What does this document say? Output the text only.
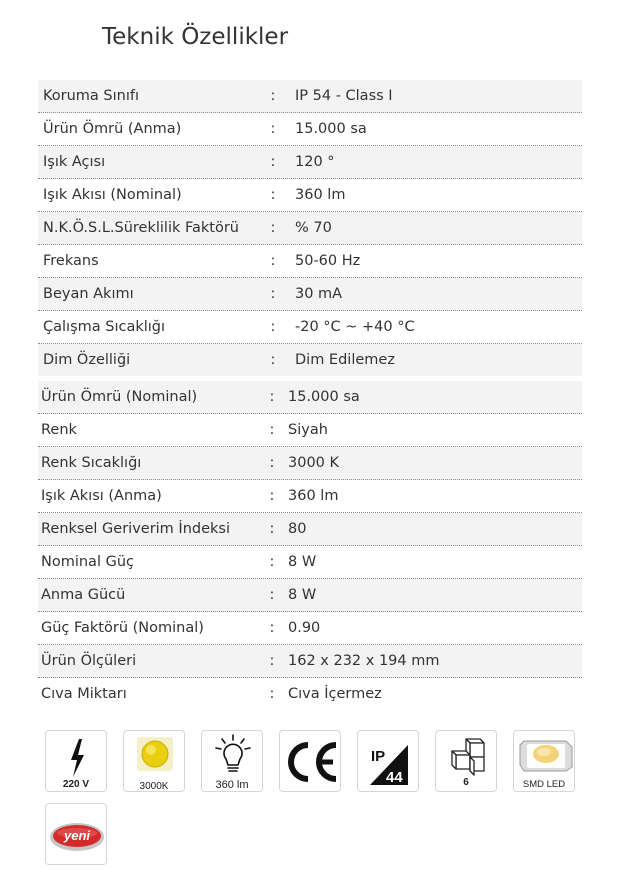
Teknik Özellikler
Koruma Sınıfı	:	IP 54 - Class I
Ürün Ömrü (Anma)	:	15.000 sa
Işık Açısı	:	120 °
Işık Akısı (Nominal)	:	360 lm
N.K.Ö.S.L.Süreklilik Faktörü	:	% 70
Frekans	:	50-60 Hz
Beyan Akımı	:	30 mA
Çalışma Sıcaklığı	:	-20 °C ~ +40 °C
Dim Özelliği	:	Dim Edilemez
Ürün Ömrü (Nominal)	: 15.000 sa
Renk	: Siyah
Renk Sıcaklığı	: 3000 K
Işık Akısı (Anma)	: 360 lm
Renksel Geriverim İndeksi	: 80
Nominal Güç	: 8 W
Anma Gücü	: 8 W
Güç Faktörü (Nominal)	: 0.90
Ürün Ölçüleri	: 162 x 232 x 194 mm
Cıva Miktarı	: Cıva İçermez
220 V	3000K	360 lm
IP
44	6	SMD LED
yeni
